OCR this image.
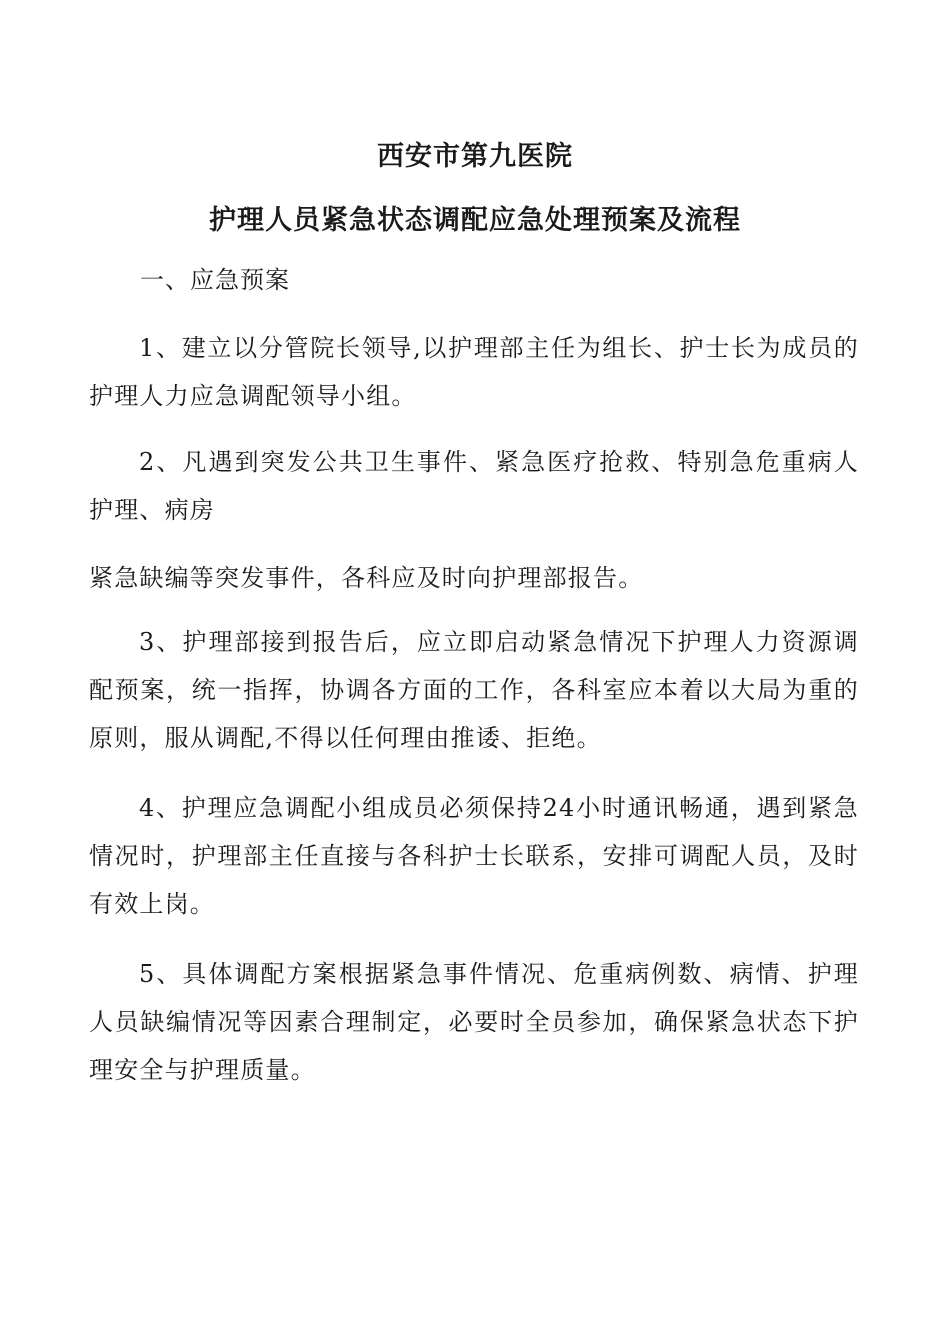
西安市第九医院
护理人员紧急状态调配应急处理预案及流程
一、应急预案

1、建立以分管院长领导,以护理部主任为组长、护士长为成员的护理人力应急调配领导小组。

2、凡遇到突发公共卫生事件、紧急医疗抢救、特别急危重病人护理、病房

紧急缺编等突发事件，各科应及时向护理部报告。

3、护理部接到报告后，应立即启动紧急情况下护理人力资源调配预案，统一指挥，协调各方面的工作，各科室应本着以大局为重的原则，服从调配,不得以任何理由推诿、拒绝。

4、护理应急调配小组成员必须保持24小时通讯畅通，遇到紧急情况时，护理部主任直接与各科护士长联系，安排可调配人员，及时有效上岗。

5、具体调配方案根据紧急事件情况、危重病例数、病情、护理人员缺编情况等因素合理制定，必要时全员参加，确保紧急状态下护理安全与护理质量。
